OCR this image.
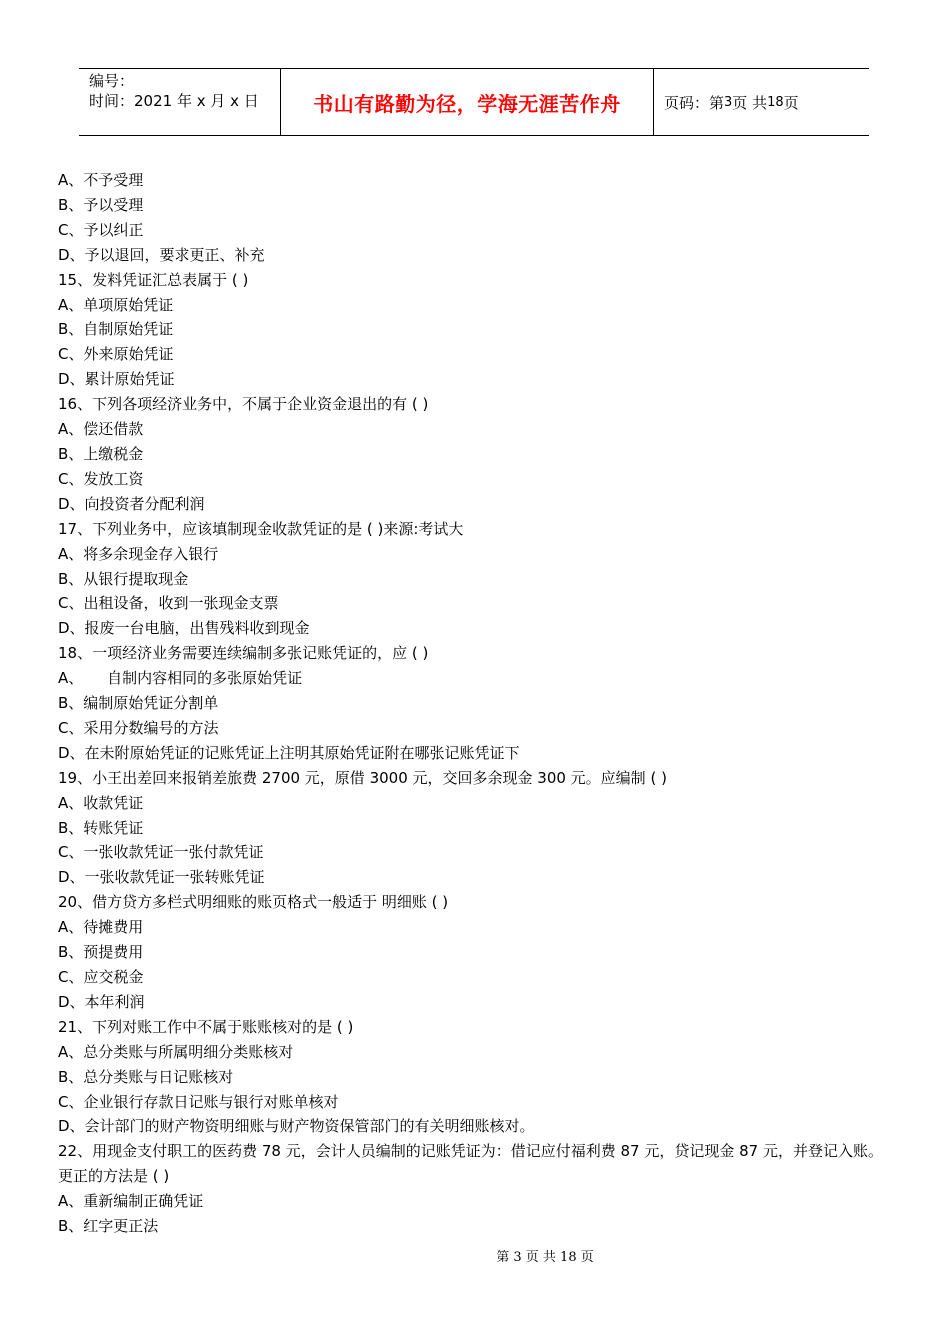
编号：
时间：2021 年 x 月 x 日	书山有路勤为径，学海无涯苦作舟	页码：第 3 页 共 18 页
A、不予受理
B、予以受理
C、予以纠正
D、予以退回，要求更正、补充
15、发料凭证汇总表属于 ( )
A、单项原始凭证
B、自制原始凭证
C、外来原始凭证
D、累计原始凭证
16、下列各项经济业务中，不属于企业资金退出的有 ( )
A、偿还借款
B、上缴税金
C、发放工资
D、向投资者分配利润
17、下列业务中，应该填制现金收款凭证的是 ( )来源:考试大
A、将多余现金存入银行
B、从银行提取现金
C、出租设备，收到一张现金支票
D、报废一台电脑，出售残料收到现金
18、一项经济业务需要连续编制多张记账凭证的，应 ( )
A、     自制内容相同的多张原始凭证
B、编制原始凭证分割单
C、采用分数编号的方法
D、在未附原始凭证的记账凭证上注明其原始凭证附在哪张记账凭证下
19、小王出差回来报销差旅费 2700 元，原借 3000 元，交回多余现金 300 元。应编制 ( )
A、收款凭证
B、转账凭证
C、一张收款凭证一张付款凭证
D、一张收款凭证一张转账凭证
20、借方贷方多栏式明细账的账页格式一般适于 明细账 ( )
A、待摊费用
B、预提费用
C、应交税金
D、本年利润
21、下列对账工作中不属于账账核对的是 ( )
A、总分类账与所属明细分类账核对
B、总分类账与日记账核对
C、企业银行存款日记账与银行对账单核对
D、会计部门的财产物资明细账与财产物资保管部门的有关明细账核对。
22、用现金支付职工的医药费 78 元，会计人员编制的记账凭证为：借记应付福利费 87 元，贷记现金 87 元，并登记入账。更正的方法是 ( )
A、重新编制正确凭证
B、红字更正法
第 3 页 共 18 页
